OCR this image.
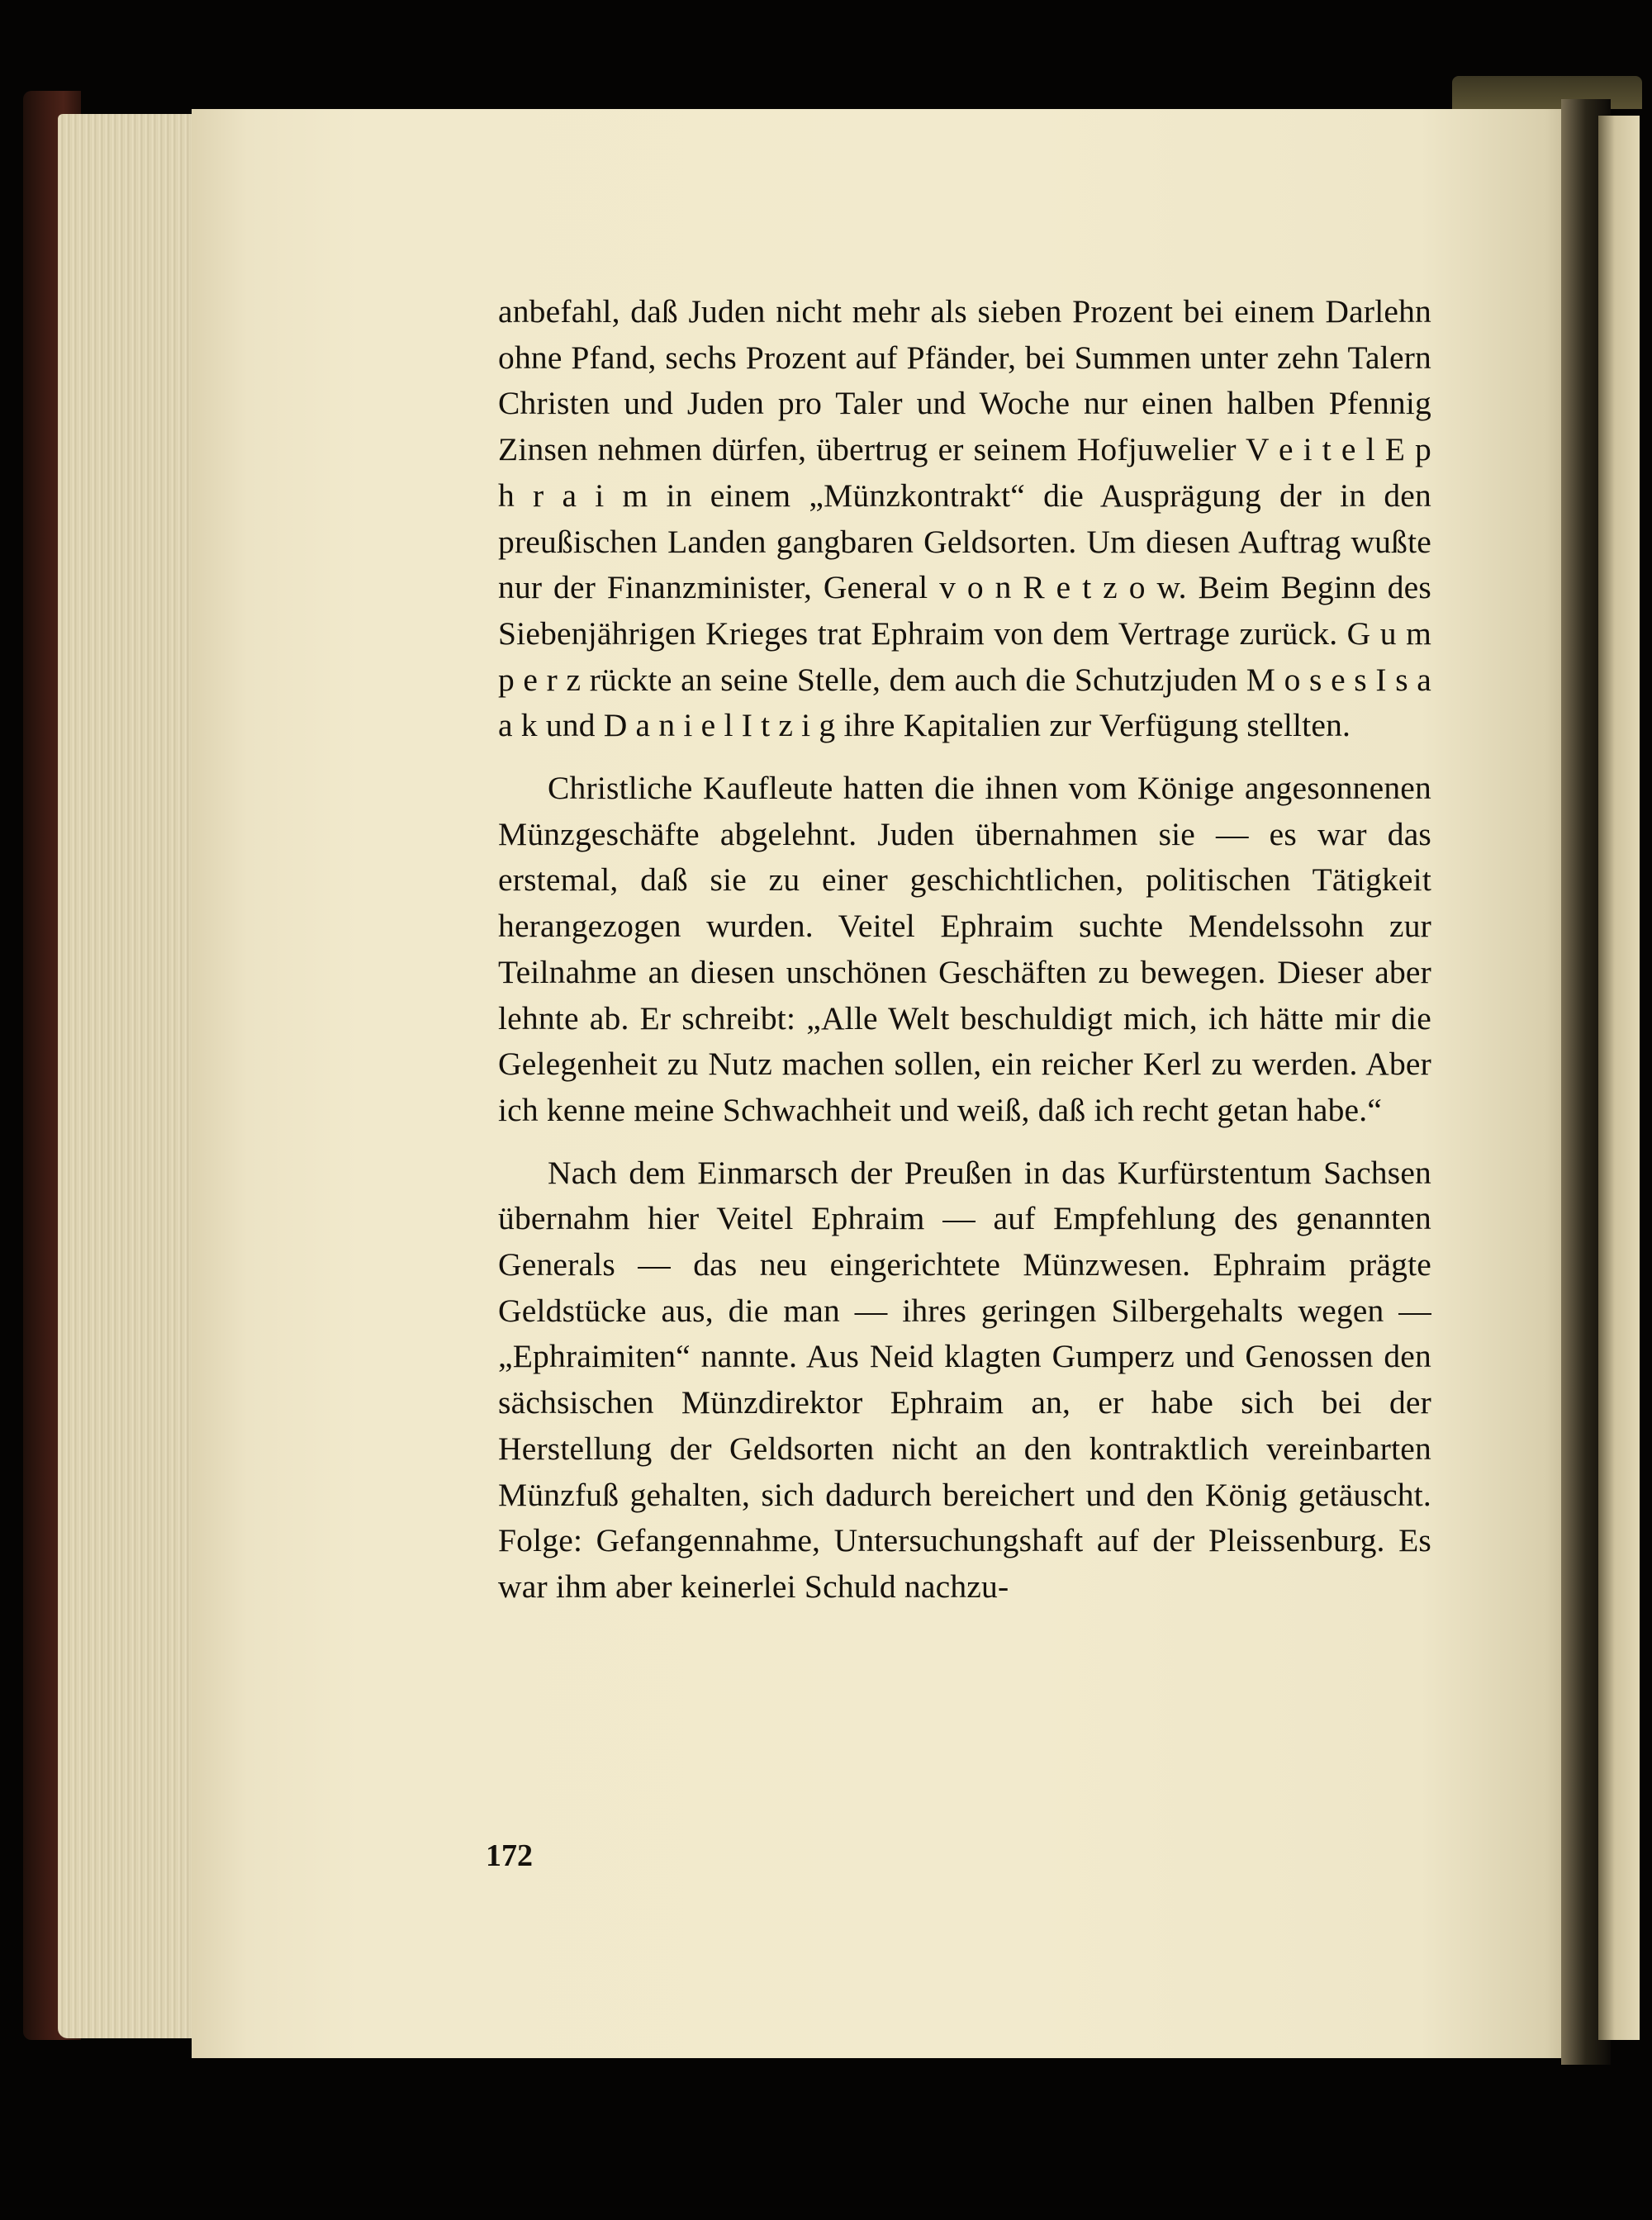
anbefahl, daß Juden nicht mehr als sieben Prozent bei einem Darlehn ohne Pfand, sechs Prozent auf Pfänder, bei Summen unter zehn Talern Christen und Juden pro Taler und Woche nur einen halben Pfennig Zinsen nehmen dürfen, übertrug er seinem Hofjuwelier V e i t e l E p h r a i m in einem „Münzkontrakt“ die Ausprägung der in den preußischen Landen gangbaren Geldsorten. Um diesen Auftrag wußte nur der Finanzminister, General v o n R e t z o w. Beim Beginn des Siebenjährigen Krieges trat Ephraim von dem Vertrage zurück. G u m p e r z rückte an seine Stelle, dem auch die Schutzjuden M o s e s I s a a k und D a n i e l I t z i g ihre Kapitalien zur Verfügung stellten.

Christliche Kaufleute hatten die ihnen vom Könige angesonnenen Münzgeschäfte abgelehnt. Juden übernahmen sie — es war das erstemal, daß sie zu einer geschichtlichen, politischen Tätigkeit herangezogen wurden. Veitel Ephraim suchte Mendelssohn zur Teilnahme an diesen unschönen Geschäften zu bewegen. Dieser aber lehnte ab. Er schreibt: „Alle Welt beschuldigt mich, ich hätte mir die Gelegenheit zu Nutz machen sollen, ein reicher Kerl zu werden. Aber ich kenne meine Schwachheit und weiß, daß ich recht getan habe.“

Nach dem Einmarsch der Preußen in das Kurfürstentum Sachsen übernahm hier Veitel Ephraim — auf Empfehlung des genannten Generals — das neu eingerichtete Münzwesen. Ephraim prägte Geldstücke aus, die man — ihres geringen Silbergehalts wegen — „Ephraimiten“ nannte. Aus Neid klagten Gumperz und Genossen den sächsischen Münzdirektor Ephraim an, er habe sich bei der Herstellung der Geldsorten nicht an den kontraktlich vereinbarten Münzfuß gehalten, sich dadurch bereichert und den König getäuscht. Folge: Gefangennahme, Untersuchungshaft auf der Pleissenburg. Es war ihm aber keinerlei Schuld nachzu-

172
